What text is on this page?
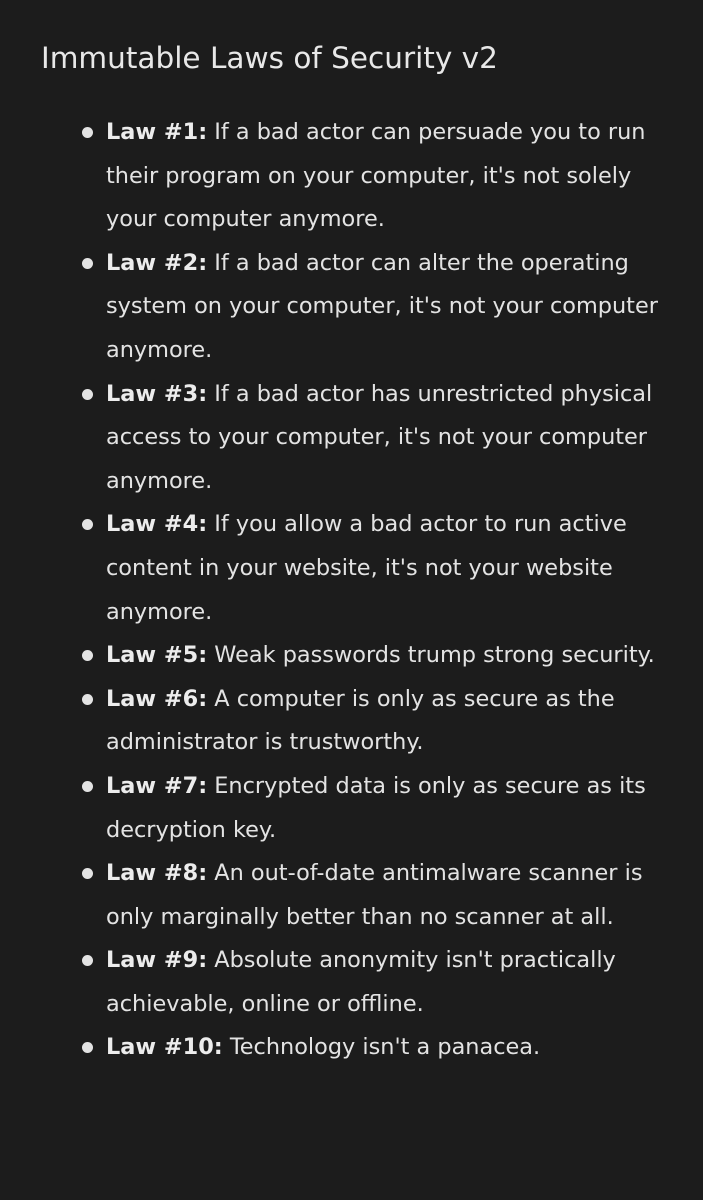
Immutable Laws of Security v2
Law #1: If a bad actor can persuade you to run their program on your computer, it's not solely your computer anymore.
Law #2: If a bad actor can alter the operating system on your computer, it's not your computer anymore.
Law #3: If a bad actor has unrestricted physical access to your computer, it's not your computer anymore.
Law #4: If you allow a bad actor to run active content in your website, it's not your website anymore.
Law #5: Weak passwords trump strong security.
Law #6: A computer is only as secure as the administrator is trustworthy.
Law #7: Encrypted data is only as secure as its decryption key.
Law #8: An out-of-date antimalware scanner is only marginally better than no scanner at all.
Law #9: Absolute anonymity isn't practically achievable, online or offline.
Law #10: Technology isn't a panacea.
